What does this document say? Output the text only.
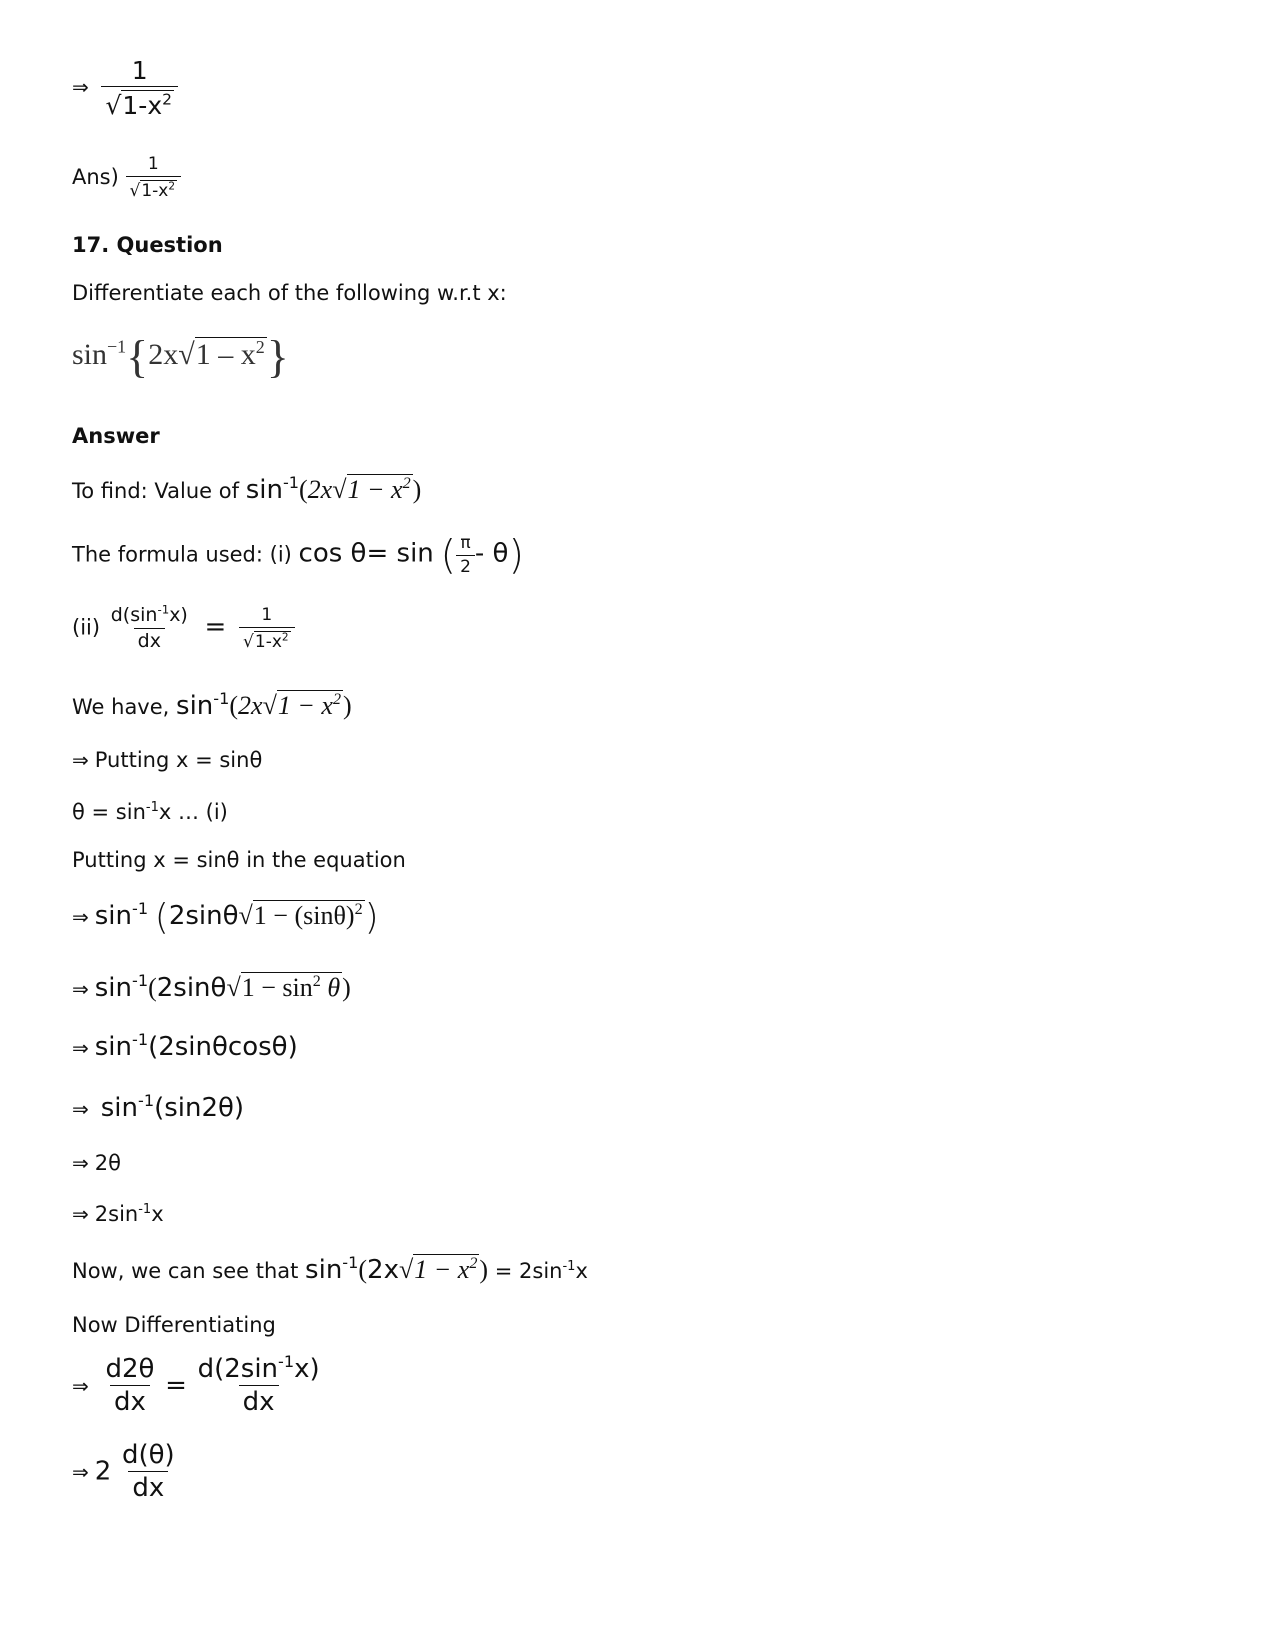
⇒ $\frac{1}{√ 1-x^2}$
$Ans) \frac{1}{√ 1-x^2}$
17. Question
Differentiate each of the following w.r.t x:
$\sin^{-1}\{2x$ √ $1 - x^2$ }
Answer
To find: Value of $\sin^{-1}(2x$ √ $1 - x^2$ )
The formula used: (i) cos θ= sin ( $\frac{\pi}{2} - \theta$)
$(ii) \frac{d(\sin^{-1}x)}{dx} = \frac{1}{√ 1-x^2}$
We have, $\sin^{-1}(2x$ √ $1 - x^2$ )
⇒ Putting x = sinθ
$\theta = \sin^{-1}x$ … (i)
Putting x = sinθ in the equation
⇒ $\sin^{-1} (2\sin\theta$ √ $1 - (\sin\theta)^2$ )
⇒ $\sin^{-1}(2\sin\theta$ √ $1 - \sin^2 \theta$ )
⇒ $\sin^{-1}(2\sin\theta\cos\theta)$
⇒ $\sin^{-1}(\sin 2\theta)$
⇒ 2θ
⇒ $2\sin^{-1}x$
Now, we can see that $\sin^{-1}(2x$ √ $1 - x^2$ ) = $2\sin^{-1}x$
Now Differentiating
⇒ $\frac{d2\theta}{dx} = \frac{d(2\sin^{-1}x)}{dx}$
⇒ $2 \frac{d(\theta)}{dx}$
